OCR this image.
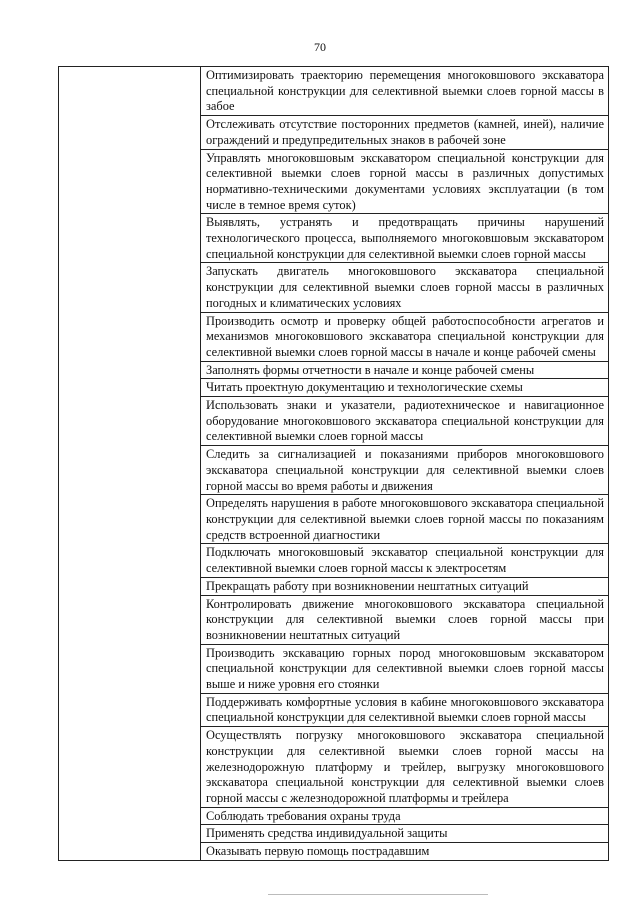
70
	Оптимизировать траекторию перемещения многоковшового экскаватора специальной конструкции для селективной выемки слоев горной массы в забое
Отслеживать отсутствие посторонних предметов (камней, иней), наличие ограждений и предупредительных знаков в рабочей зоне
Управлять многоковшовым экскаватором специальной конструкции для селективной выемки слоев горной массы в различных допустимых нормативно-техническими документами условиях эксплуатации (в том числе в темное время суток)
Выявлять, устранять и предотвращать причины нарушений технологического процесса, выполняемого многоковшовым экскаватором специальной конструкции для селективной выемки слоев горной массы
Запускать двигатель многоковшового экскаватора специальной конструкции для селективной выемки слоев горной массы в различных погодных и климатических условиях
Производить осмотр и проверку общей работоспособности агрегатов и механизмов многоковшового экскаватора специальной конструкции для селективной выемки слоев горной массы в начале и конце рабочей смены
Заполнять формы отчетности в начале и конце рабочей смены
Читать проектную документацию и технологические схемы
Использовать знаки и указатели, радиотехническое и навигационное оборудование многоковшового экскаватора специальной конструкции для селективной выемки слоев горной массы
Следить за сигнализацией и показаниями приборов многоковшового экскаватора специальной конструкции для селективной выемки слоев горной массы во время работы и движения
Определять нарушения в работе многоковшового экскаватора специальной конструкции для селективной выемки слоев горной массы по показаниям средств встроенной диагностики
Подключать многоковшовый экскаватор специальной конструкции для селективной выемки слоев горной массы к электросетям
Прекращать работу при возникновении нештатных ситуаций
Контролировать движение многоковшового экскаватора специальной конструкции для селективной выемки слоев горной массы при возникновении нештатных ситуаций
Производить экскавацию горных пород многоковшовым экскаватором специальной конструкции для селективной выемки слоев горной массы выше и ниже уровня его стоянки
Поддерживать комфортные условия в кабине многоковшового экскаватора специальной конструкции для селективной выемки слоев горной массы
Осуществлять погрузку многоковшового экскаватора специальной конструкции для селективной выемки слоев горной массы на железнодорожную платформу и трейлер, выгрузку многоковшового экскаватора специальной конструкции для селективной выемки слоев горной массы с железнодорожной платформы и трейлера
Соблюдать требования охраны труда
Применять средства индивидуальной защиты
Оказывать первую помощь пострадавшим
